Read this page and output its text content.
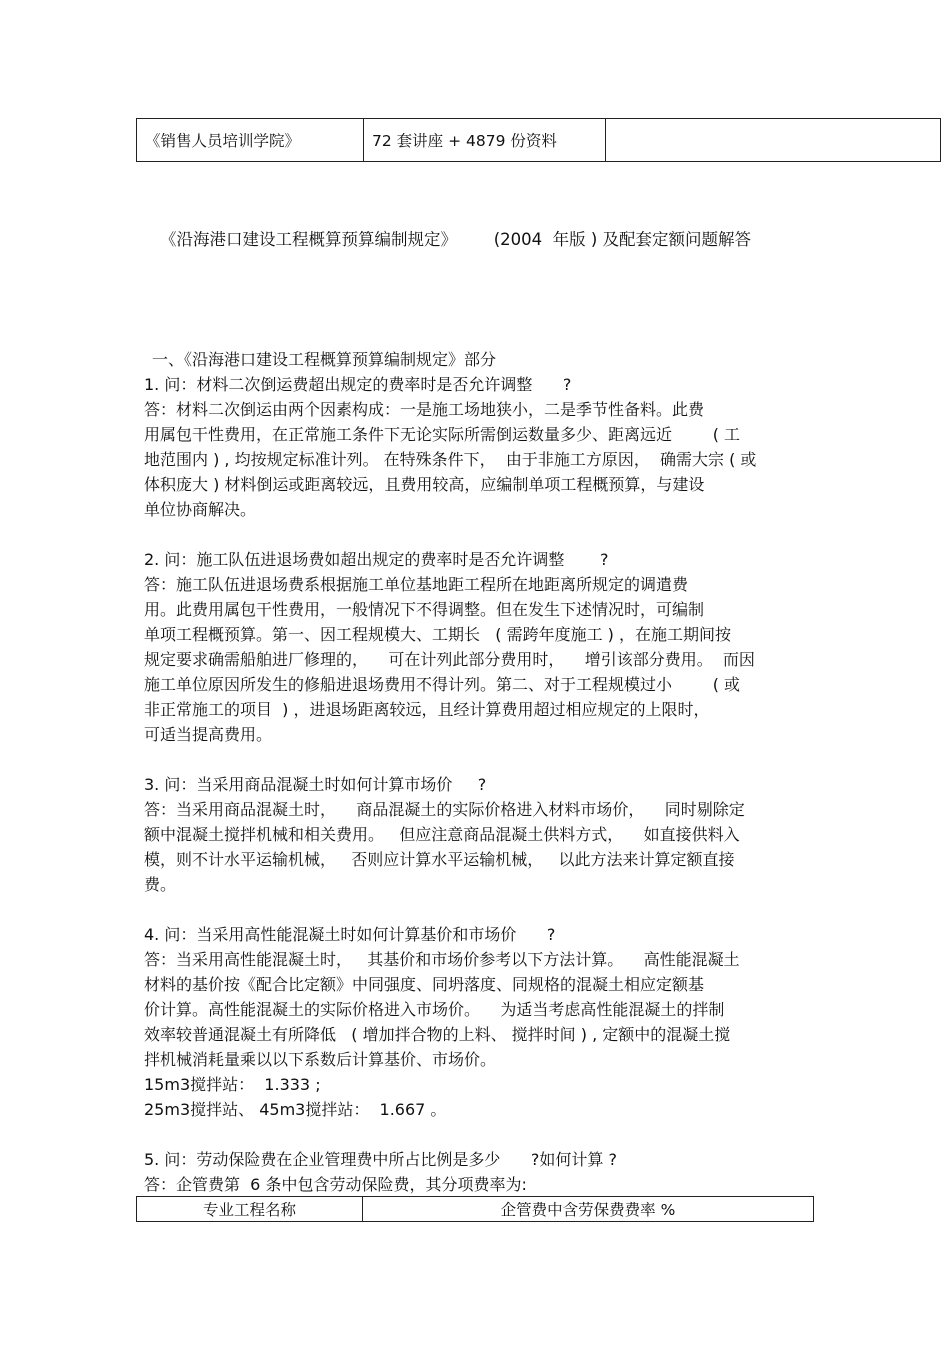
《销售人员培训学院》	72 套讲座 + 4879 份资料	
《沿海港口建设工程概算预算编制规定》       (2004  年版 ) 及配套定额问题解答

一、《沿海港口建设工程概算预算编制规定》部分

1. 问：材料二次倒运费超出规定的费率时是否允许调整      ?

答：材料二次倒运由两个因素构成：一是施工场地狭小，二是季节性备料。此费

用属包干性费用，在正常施工条件下无论实际所需倒运数量多少、距离远近        ( 工

地范围内 ) , 均按规定标准计列。 在特殊条件下，  由于非施工方原因，  确需大宗 ( 或

体积庞大 ) 材料倒运或距离较远，且费用较高，应编制单项工程概预算，与建设

单位协商解决。

2. 问：施工队伍进退场费如超出规定的费率时是否允许调整       ?

答：施工队伍进退场费系根据施工单位基地距工程所在地距离所规定的调遣费

用。此费用属包干性费用，一般情况下不得调整。但在发生下述情况时，可编制

单项工程概预算。第一、因工程规模大、工期长   ( 需跨年度施工 ) ，在施工期间按

规定要求确需船舶进厂修理的，    可在计列此部分费用时，    增引该部分费用。  而因

施工单位原因所发生的修船进退场费用不得计列。第二、对于工程规模过小        ( 或

非正常施工的项目  ) ，进退场距离较远，且经计算费用超过相应规定的上限时，

可适当提高费用。

3. 问：当采用商品混凝土时如何计算市场价     ?

答：当采用商品混凝土时，    商品混凝土的实际价格进入材料市场价，    同时剔除定

额中混凝土搅拌机械和相关费用。   但应注意商品混凝土供料方式，    如直接供料入

模，则不计水平运输机械，   否则应计算水平运输机械，   以此方法来计算定额直接

费。

4. 问：当采用高性能混凝土时如何计算基价和市场价      ?

答：当采用高性能混凝土时，   其基价和市场价参考以下方法计算。    高性能混凝土

材料的基价按《配合比定额》中同强度、同坍落度、同规格的混凝土相应定额基

价计算。高性能混凝土的实际价格进入市场价。    为适当考虑高性能混凝土的拌制

效率较普通混凝土有所降低   ( 增加拌合物的上料、 搅拌时间 ) , 定额中的混凝土搅

拌机械消耗量乘以以下系数后计算基价、市场价。

15m3搅拌站：  1.333 ;

25m3搅拌站、 45m3搅拌站：  1.667 。

5. 问：劳动保险费在企业管理费中所占比例是多少      ?如何计算 ?

答：企管费第  6 条中包含劳动保险费，其分项费率为:

专业工程名称	企管费中含劳保费费率 %
